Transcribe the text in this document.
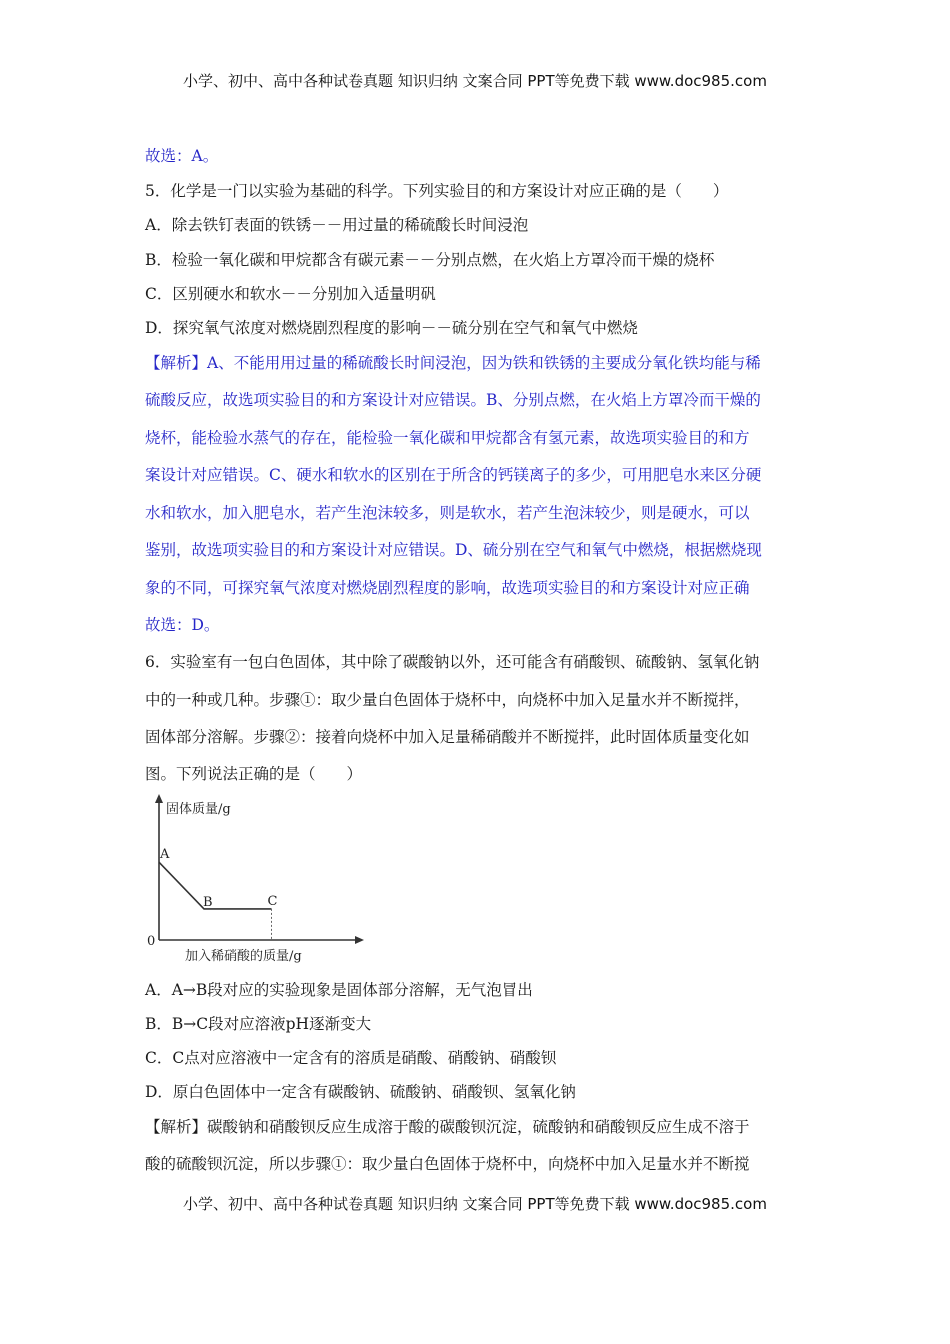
小学、初中、高中各种试卷真题 知识归纳 文案合同 PPT等免费下载 www.doc985.com
故选：A。
5．化学是一门以实验为基础的科学。下列实验目的和方案设计对应正确的是（　　）
A．除去铁钉表面的铁锈－－用过量的稀硫酸长时间浸泡
B．检验一氧化碳和甲烷都含有碳元素－－分别点燃，在火焰上方罩冷而干燥的烧杯
C．区别硬水和软水－－分别加入适量明矾
D．探究氧气浓度对燃烧剧烈程度的影响－－硫分别在空气和氧气中燃烧
【解析】A、不能用用过量的稀硫酸长时间浸泡，因为铁和铁锈的主要成分氧化铁均能与稀
硫酸反应，故选项实验目的和方案设计对应错误。B、分别点燃，在火焰上方罩冷而干燥的
烧杯，能检验水蒸气的存在，能检验一氧化碳和甲烷都含有氢元素，故选项实验目的和方
案设计对应错误。C、硬水和软水的区别在于所含的钙镁离子的多少，可用肥皂水来区分硬
水和软水，加入肥皂水，若产生泡沫较多，则是软水，若产生泡沫较少，则是硬水，可以
鉴别，故选项实验目的和方案设计对应错误。D、硫分别在空气和氧气中燃烧，根据燃烧现
象的不同，可探究氧气浓度对燃烧剧烈程度的影响，故选项实验目的和方案设计对应正确
故选：D。
6．实验室有一包白色固体，其中除了碳酸钠以外，还可能含有硝酸钡、硫酸钠、氢氧化钠
中的一种或几种。步骤①：取少量白色固体于烧杯中，向烧杯中加入足量水并不断搅拌，
固体部分溶解。步骤②：接着向烧杯中加入足量稀硝酸并不断搅拌，此时固体质量变化如
图。下列说法正确的是（　　）
固体质量/g
加入稀硝酸的质量/g
0
A
B	C
A．A→B段对应的实验现象是固体部分溶解，无气泡冒出
B．B→C段对应溶液pH逐渐变大
C．C点对应溶液中一定含有的溶质是硝酸、硝酸钠、硝酸钡
D．原白色固体中一定含有碳酸钠、硫酸钠、硝酸钡、氢氧化钠
【解析】碳酸钠和硝酸钡反应生成溶于酸的碳酸钡沉淀，硫酸钠和硝酸钡反应生成不溶于
酸的硫酸钡沉淀，所以步骤①：取少量白色固体于烧杯中，向烧杯中加入足量水并不断搅
小学、初中、高中各种试卷真题 知识归纳 文案合同 PPT等免费下载 www.doc985.com
